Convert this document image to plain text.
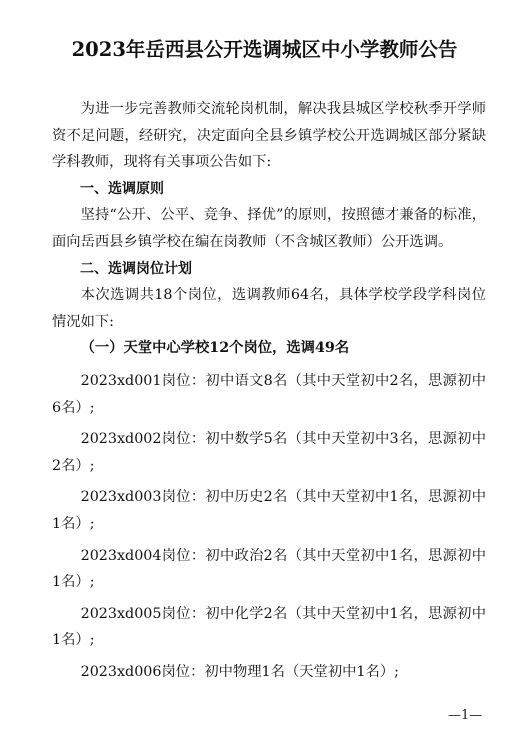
2023年岳西县公开选调城区中小学教师公告

为进一步完善教师交流轮岗机制，解决我县城区学校秋季开学师资不足问题，经研究，决定面向全县乡镇学校公开选调城区部分紧缺学科教师，现将有关事项公告如下:

一、选调原则

坚持“公开、公平、竞争、择优”的原则，按照德才兼备的标准，面向岳西县乡镇学校在编在岗教师（不含城区教师）公开选调。

二、选调岗位计划

本次选调共18个岗位，选调教师64名，具体学校学段学科岗位情况如下:

（一）天堂中心学校12个岗位，选调49名

2023xd001岗位：初中语文8名（其中天堂初中2名，思源初中6名）;

2023xd002岗位：初中数学5名（其中天堂初中3名，思源初中2名）;

2023xd003岗位：初中历史2名（其中天堂初中1名，思源初中1名）;

2023xd004岗位：初中政治2名（其中天堂初中1名，思源初中1名）;

2023xd005岗位：初中化学2名（其中天堂初中1名，思源初中1名）;

2023xd006岗位：初中物理1名（天堂初中1名）;

—1—
